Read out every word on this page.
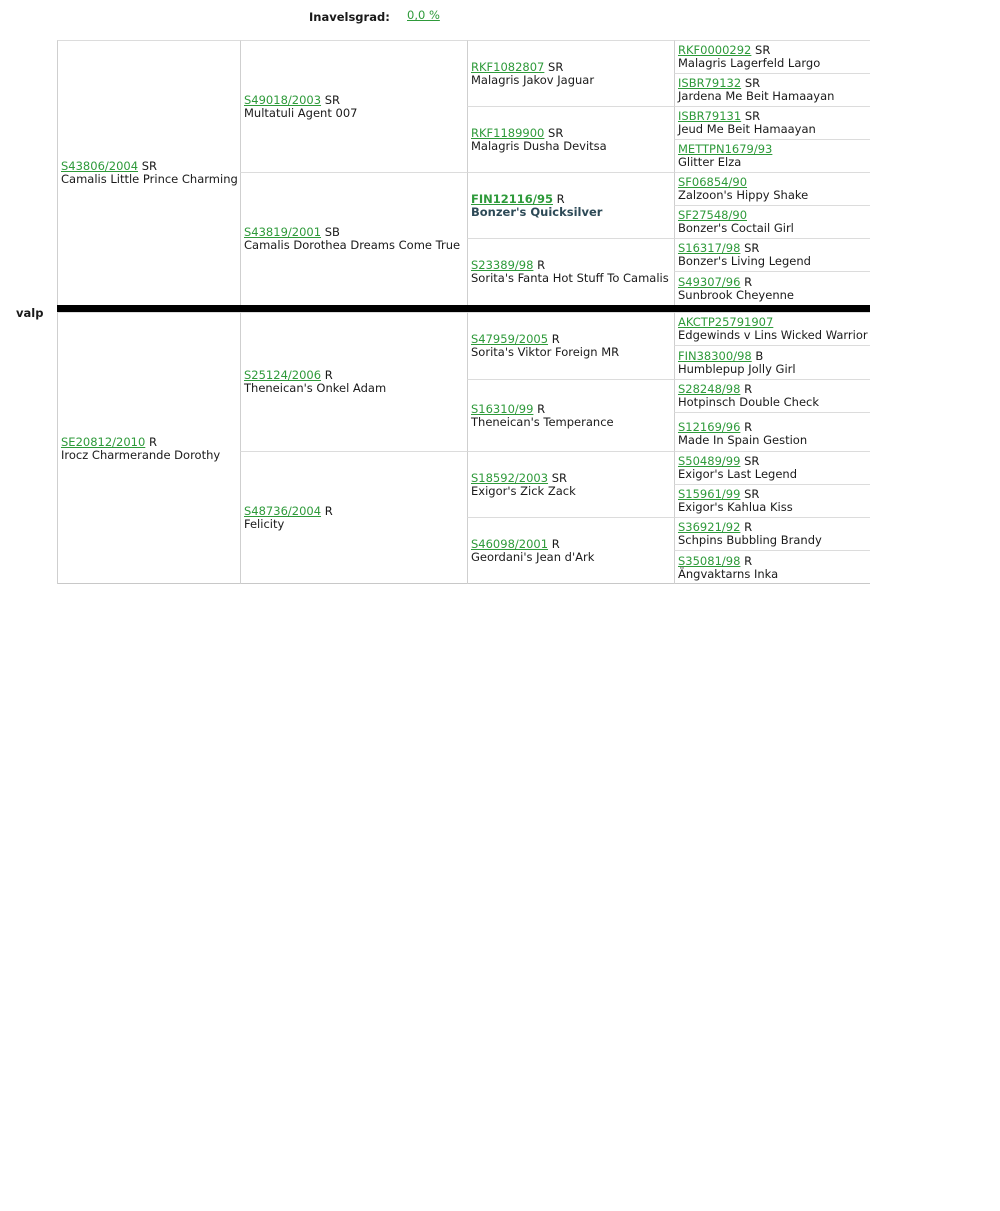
Inavelsgrad: 0,0 %
valp
S43806/2004 SR
Camalis Little Prince Charming
SE20812/2010 R
Irocz Charmerande Dorothy
S49018/2003 SR
Multatuli Agent 007
S43819/2001 SB
Camalis Dorothea Dreams Come True
S25124/2006 R
Theneican's Onkel Adam
S48736/2004 R
Felicity
RKF1082807 SR
Malagris Jakov Jaguar
RKF1189900 SR
Malagris Dusha Devitsa
FIN12116/95 R
Bonzer's Quicksilver
S23389/98 R
Sorita's Fanta Hot Stuff To Camalis
S47959/2005 R
Sorita's Viktor Foreign MR
S16310/99 R
Theneican's Temperance
S18592/2003 SR
Exigor's Zick Zack
S46098/2001 R
Geordani's Jean d'Ark
RKF0000292 SR
Malagris Lagerfeld Largo
ISBR79132 SR
Jardena Me Beit Hamaayan
ISBR79131 SR
Jeud Me Beit Hamaayan
METTPN1679/93
Glitter Elza
SF06854/90
Zalzoon's Hippy Shake
SF27548/90
Bonzer's Coctail Girl
S16317/98 SR
Bonzer's Living Legend
S49307/96 R
Sunbrook Cheyenne
AKCTP25791907
Edgewinds v Lins Wicked Warrior
FIN38300/98 B
Humblepup Jolly Girl
S28248/98 R
Hotpinsch Double Check
S12169/96 R
Made In Spain Gestion
S50489/99 SR
Exigor's Last Legend
S15961/99 SR
Exigor's Kahlua Kiss
S36921/92 R
Schpins Bubbling Brandy
S35081/98 R
Ängvaktarns Inka
